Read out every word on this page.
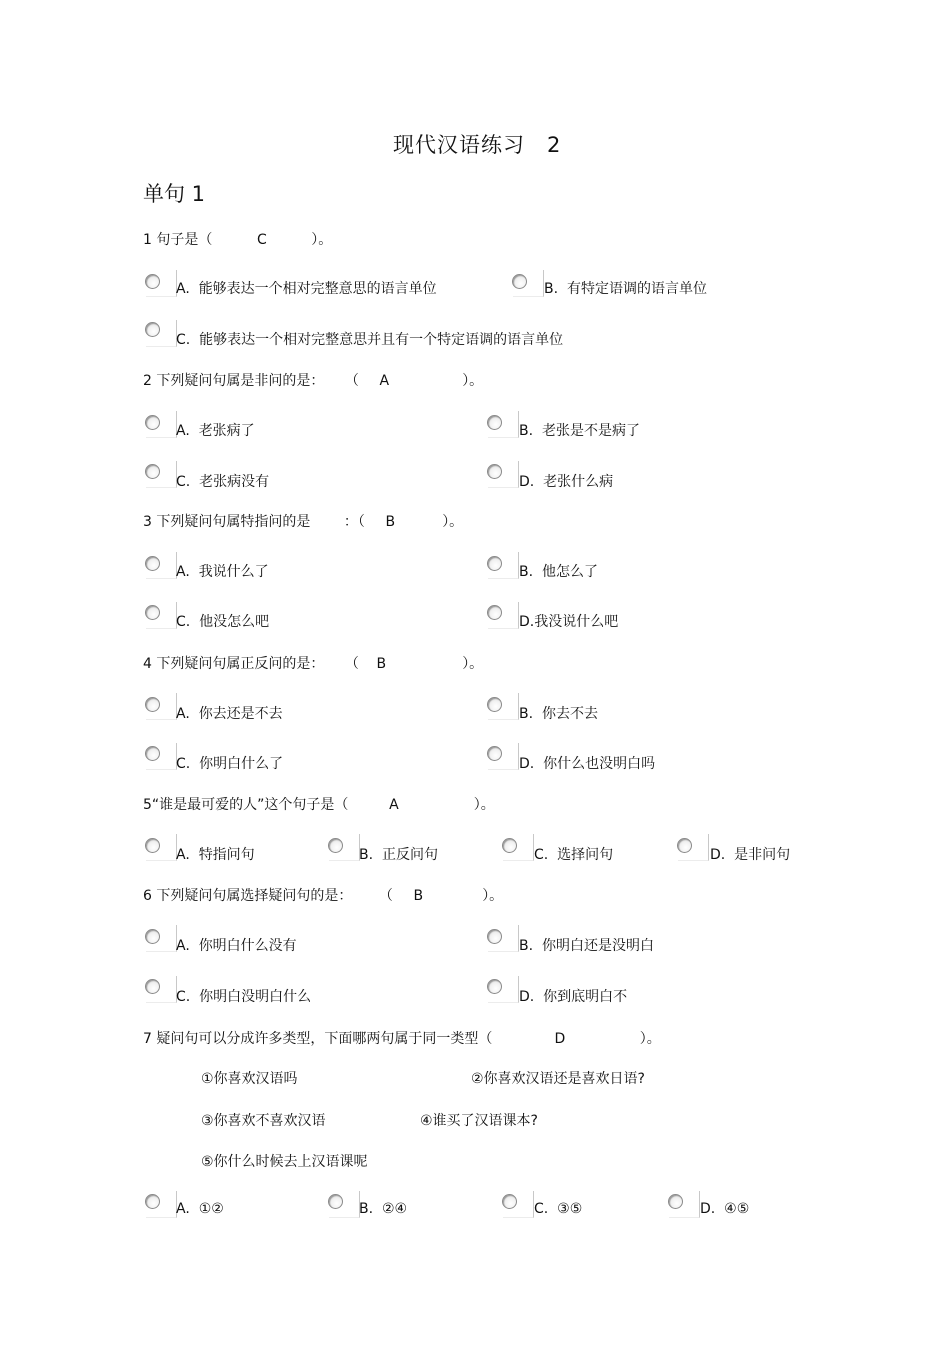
现代汉语练习　2
单句 1
1 句子是（	C	）。
A. 能够表达一个相对完整意思的语言单位	B. 有特定语调的语言单位
C. 能够表达一个相对完整意思并且有一个特定语调的语言单位
2 下列疑问句属是非问的是： （ A	）。
A. 老张病了	B. 老张是不是病了
C. 老张病没有	D. 老张什么病
3 下列疑问句属特指问的是 ：（ B	）。
A. 我说什么了	B. 他怎么了
C. 他没怎么吧	D.我没说什么吧
4 下列疑问句属正反问的是： （ B	）。
A. 你去还是不去	B. 你去不去
C. 你明白什么了	D. 你什么也没明白吗
5“谁是最可爱的人”这个句子是（	A	）。
A. 特指问句	B. 正反问句	C. 选择问句	D. 是非问句
6 下列疑问句属选择疑问句的是： （ B	）。
A. 你明白什么没有	B. 你明白还是没明白
C. 你明白没明白什么	D. 你到底明白不
7 疑问句可以分成许多类型，下面哪两句属于同一类型（	D	）。
①你喜欢汉语吗	②你喜欢汉语还是喜欢日语?
③你喜欢不喜欢汉语	④谁买了汉语课本?
⑤你什么时候去上汉语课呢
A. ①②	B. ②④	C. ③⑤	D. ④⑤
